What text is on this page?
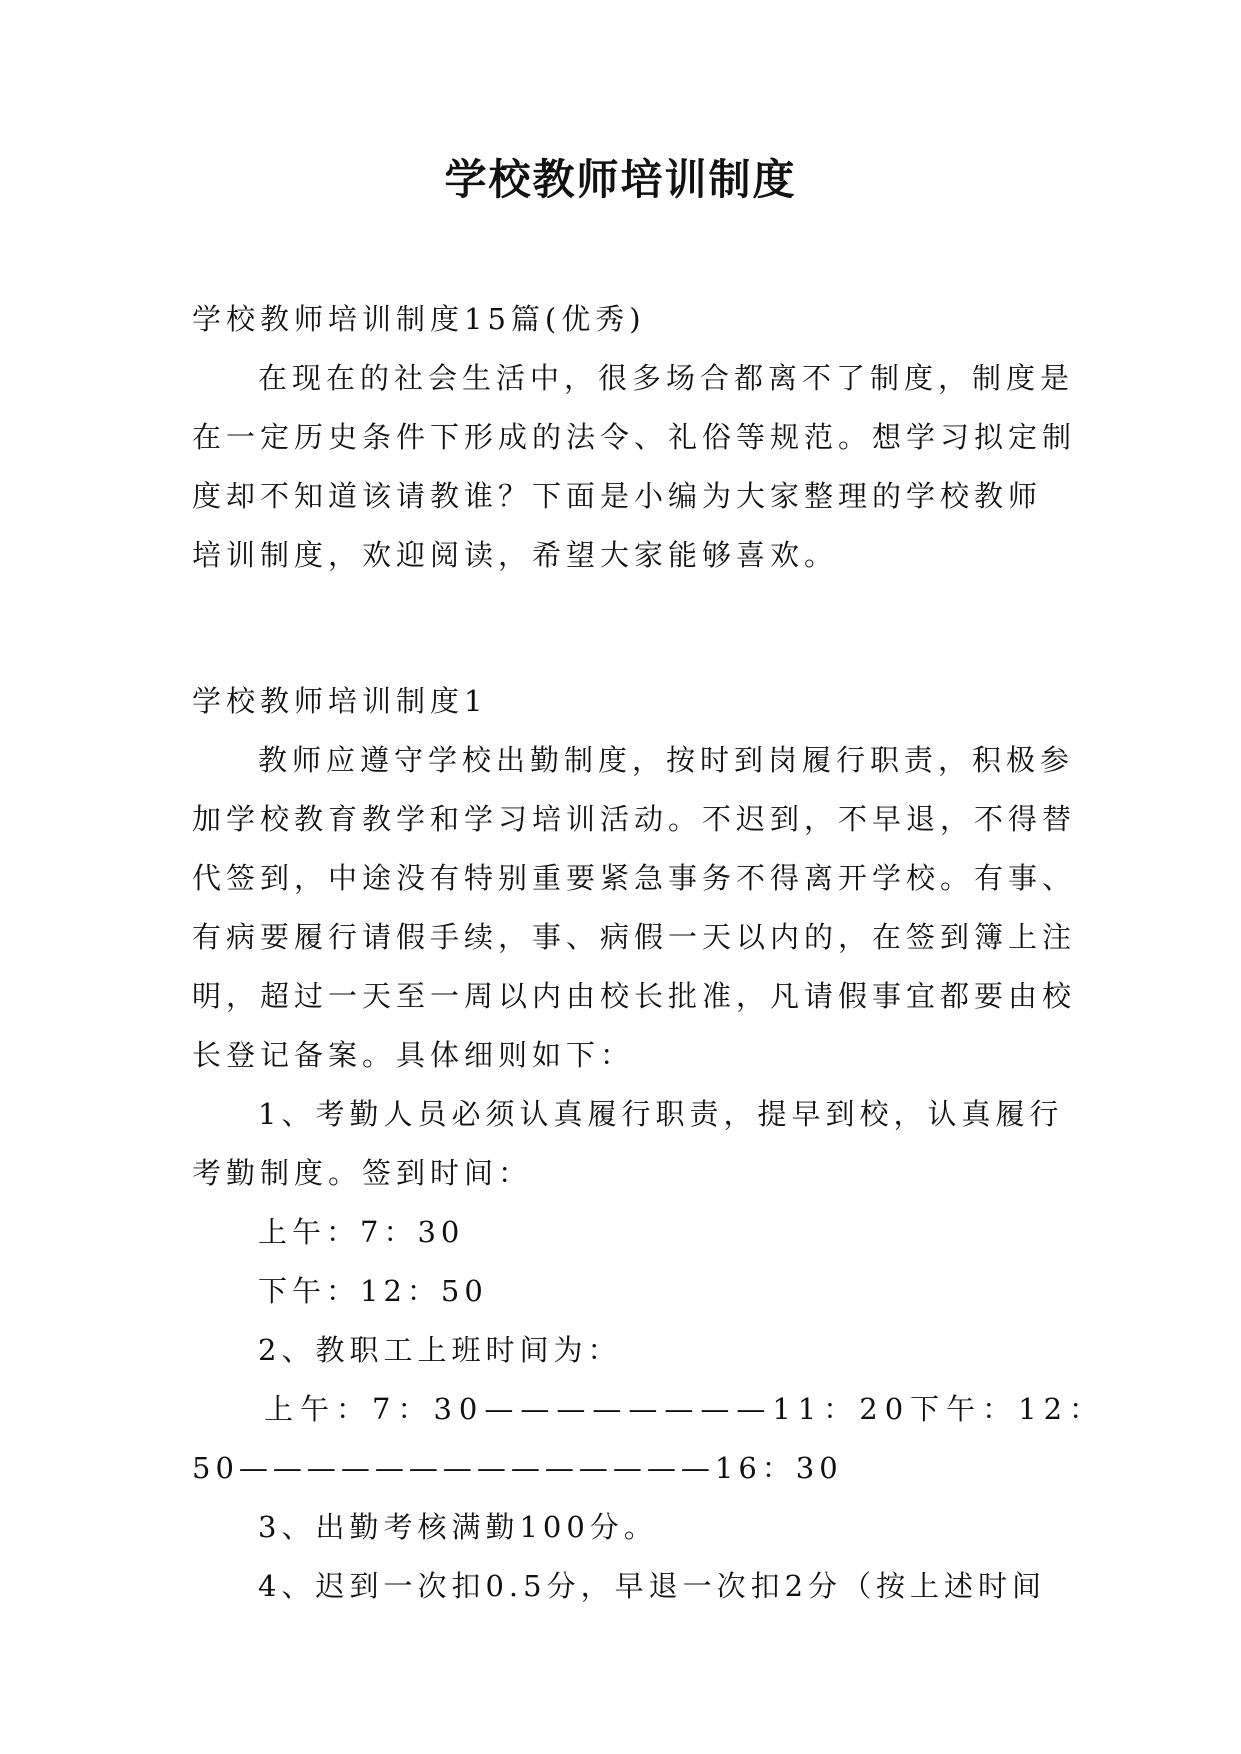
学校教师培训制度
学校教师培训制度15篇(优秀)
在现在的社会生活中，很多场合都离不了制度，制度是
在一定历史条件下形成的法令、礼俗等规范。想学习拟定制
度却不知道该请教谁？下面是小编为大家整理的学校教师
培训制度，欢迎阅读，希望大家能够喜欢。
学校教师培训制度1
教师应遵守学校出勤制度，按时到岗履行职责，积极参
加学校教育教学和学习培训活动。不迟到，不早退，不得替
代签到，中途没有特别重要紧急事务不得离开学校。有事、
有病要履行请假手续，事、病假一天以内的，在签到簿上注
明，超过一天至一周以内由校长批准，凡请假事宜都要由校
长登记备案。具体细则如下：
1、考勤人员必须认真履行职责，提早到校，认真履行
考勤制度。签到时间：
上午：7：30
下午：12：50
2、教职工上班时间为：
上午：7：30————————11：20下午：12：
50——————————————16：30
3、出勤考核满勤100分。
4、迟到一次扣0.5分，早退一次扣2分（按上述时间
